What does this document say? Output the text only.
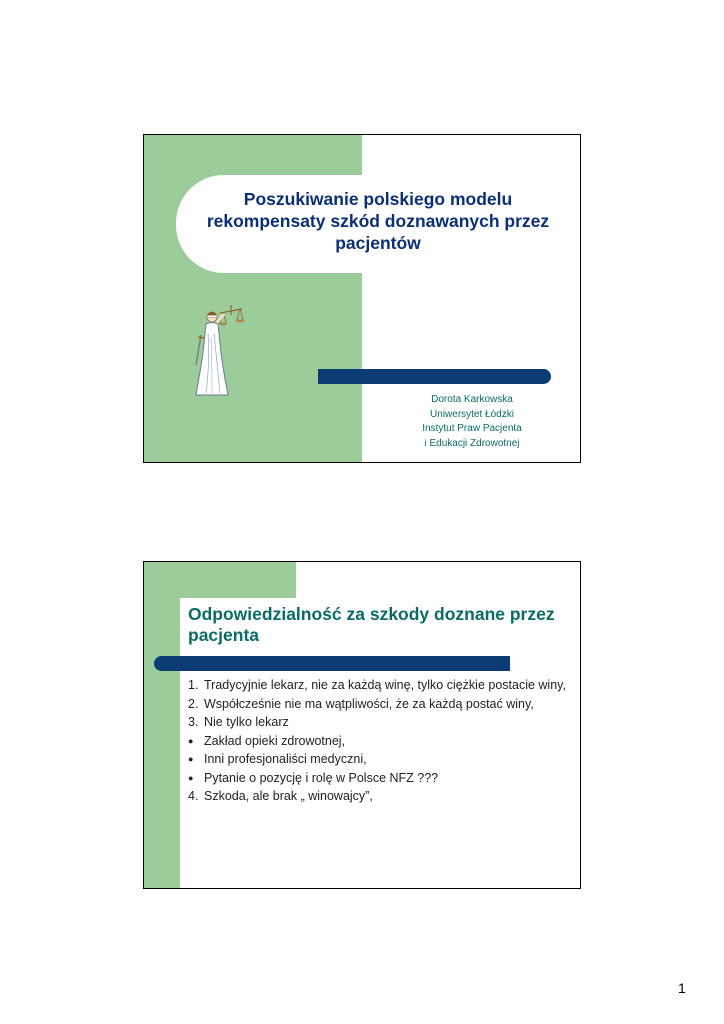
Poszukiwanie polskiego modelu rekompensaty szkód doznawanych przez pacjentów
Dorota Karkowska
Uniwersytet Łódzki
Instytut Praw Pacjenta
i Edukacji Zdrowotnej
Odpowiedzialność za szkody doznane przez pacjenta
1. Tradycyjnie lekarz, nie za każdą winę, tylko ciężkie postacie winy,
2. Współcześnie nie ma wątpliwości, że za każdą postać winy,
3. Nie tylko lekarz
● Zakład opieki zdrowotnej,
● Inni profesjonaliści medyczni,
● Pytanie o pozycję i rolę w Polsce NFZ ???
4. Szkoda, ale brak „ winowajcy”,
1
